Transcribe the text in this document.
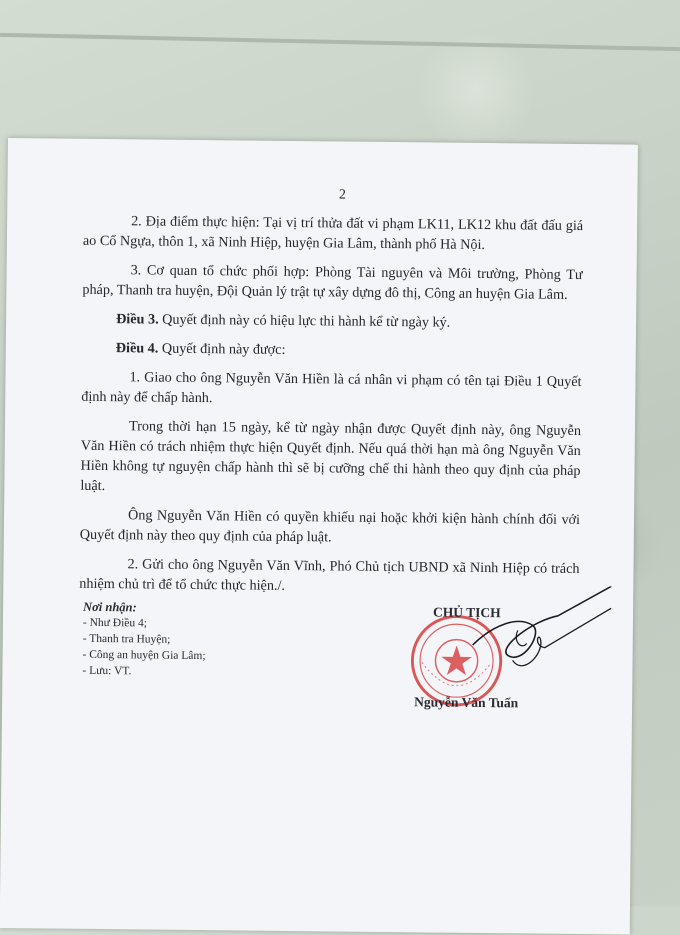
2

2. Địa điểm thực hiện: Tại vị trí thửa đất vi phạm LK11, LK12 khu đất đấu giá ao Cổ Ngựa, thôn 1, xã Ninh Hiệp, huyện Gia Lâm, thành phố Hà Nội.

3. Cơ quan tổ chức phối hợp: Phòng Tài nguyên và Môi trường, Phòng Tư pháp, Thanh tra huyện, Đội Quản lý trật tự xây dựng đô thị, Công an huyện Gia Lâm.

Điều 3. Quyết định này có hiệu lực thi hành kể từ ngày ký.

Điều 4. Quyết định này được:

1. Giao cho ông Nguyễn Văn Hiền là cá nhân vi phạm có tên tại Điều 1 Quyết định này để chấp hành.

Trong thời hạn 15 ngày, kể từ ngày nhận được Quyết định này, ông Nguyễn Văn Hiền có trách nhiệm thực hiện Quyết định. Nếu quá thời hạn mà ông Nguyễn Văn Hiền không tự nguyện chấp hành thì sẽ bị cưỡng chế thi hành theo quy định của pháp luật.

Ông Nguyễn Văn Hiền có quyền khiếu nại hoặc khởi kiện hành chính đối với Quyết định này theo quy định của pháp luật.

2. Gửi cho ông Nguyễn Văn Vĩnh, Phó Chủ tịch UBND xã Ninh Hiệp có trách nhiệm chủ trì để tổ chức thực hiện./.

Nơi nhận:
- Như Điều 4;
- Thanh tra Huyện;
- Công an huyện Gia Lâm;
- Lưu: VT.
CHỦ TỊCH
Nguyễn Văn Tuấn
